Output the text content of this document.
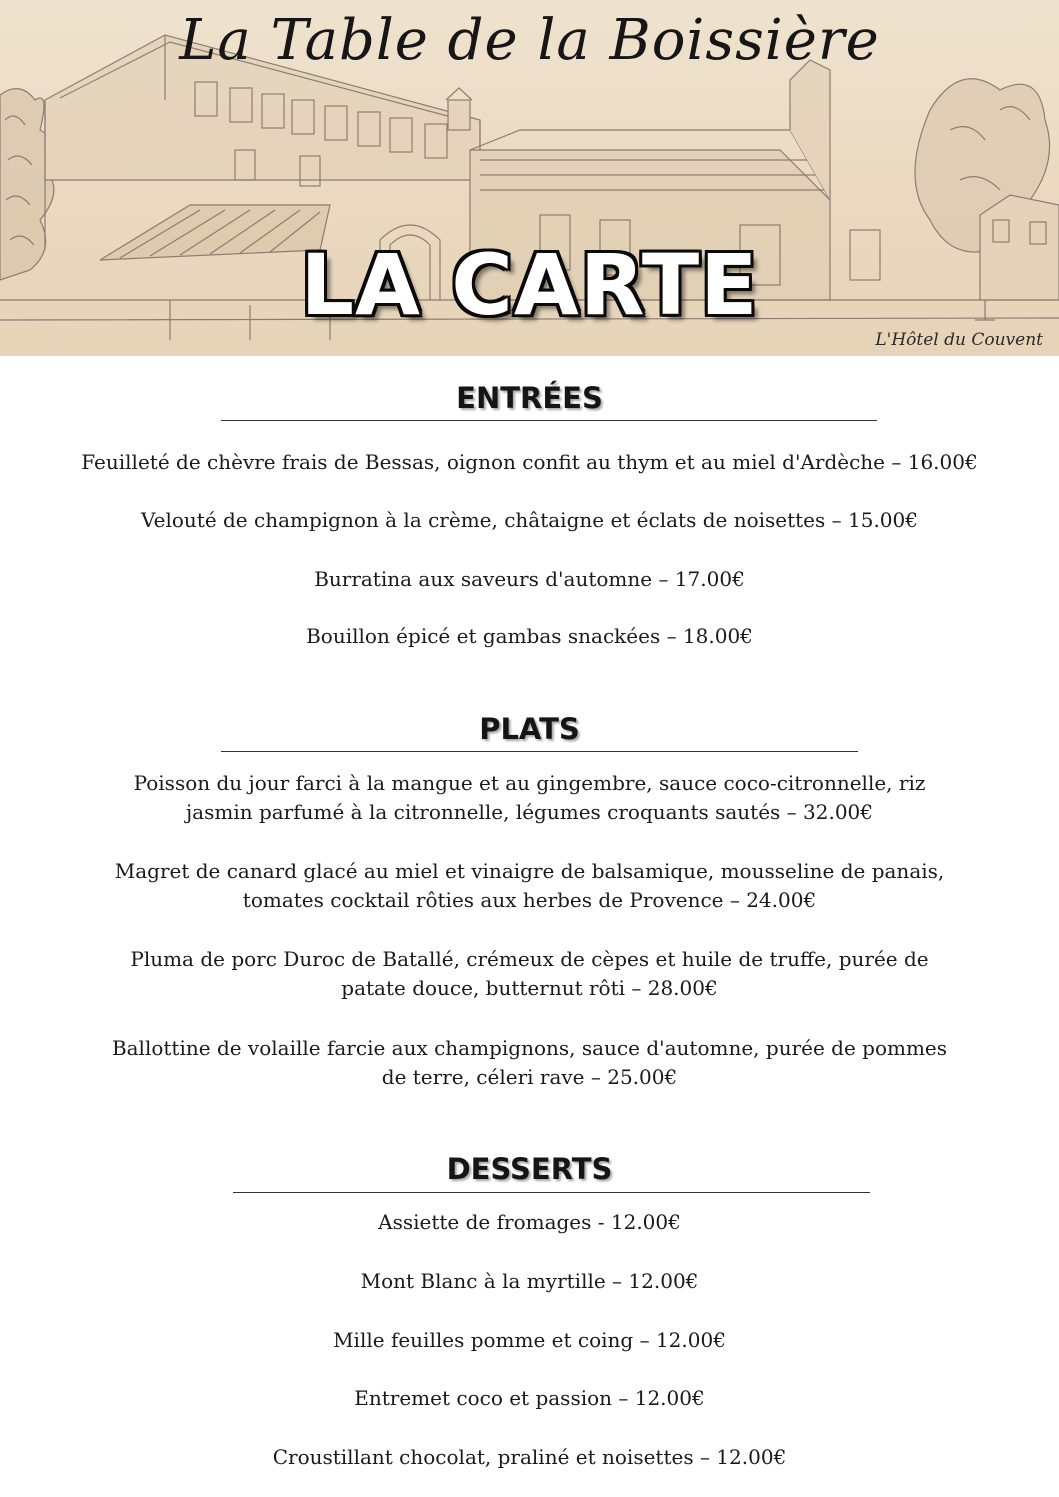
La Table de la Boissière
LA CARTE
L'Hôtel du Couvent
ENTRÉES
Feuilleté de chèvre frais de Bessas, oignon confit au thym et au miel d'Ardèche – 16.00€
Velouté de champignon à la crème, châtaigne et éclats de noisettes – 15.00€
Burratina aux saveurs d'automne – 17.00€
Bouillon épicé et gambas snackées – 18.00€
PLATS
Poisson du jour farci à la mangue et au gingembre, sauce coco-citronnelle, riz
jasmin parfumé à la citronnelle, légumes croquants sautés – 32.00€
Magret de canard glacé au miel et vinaigre de balsamique, mousseline de panais,
tomates cocktail rôties aux herbes de Provence – 24.00€
Pluma de porc Duroc de Batallé, crémeux de cèpes et huile de truffe, purée de
patate douce, butternut rôti – 28.00€
Ballottine de volaille farcie aux champignons, sauce d'automne, purée de pommes
de terre, céleri rave – 25.00€
DESSERTS
Assiette de fromages - 12.00€
Mont Blanc à la myrtille – 12.00€
Mille feuilles pomme et coing – 12.00€
Entremet coco et passion – 12.00€
Croustillant chocolat, praliné et noisettes – 12.00€
